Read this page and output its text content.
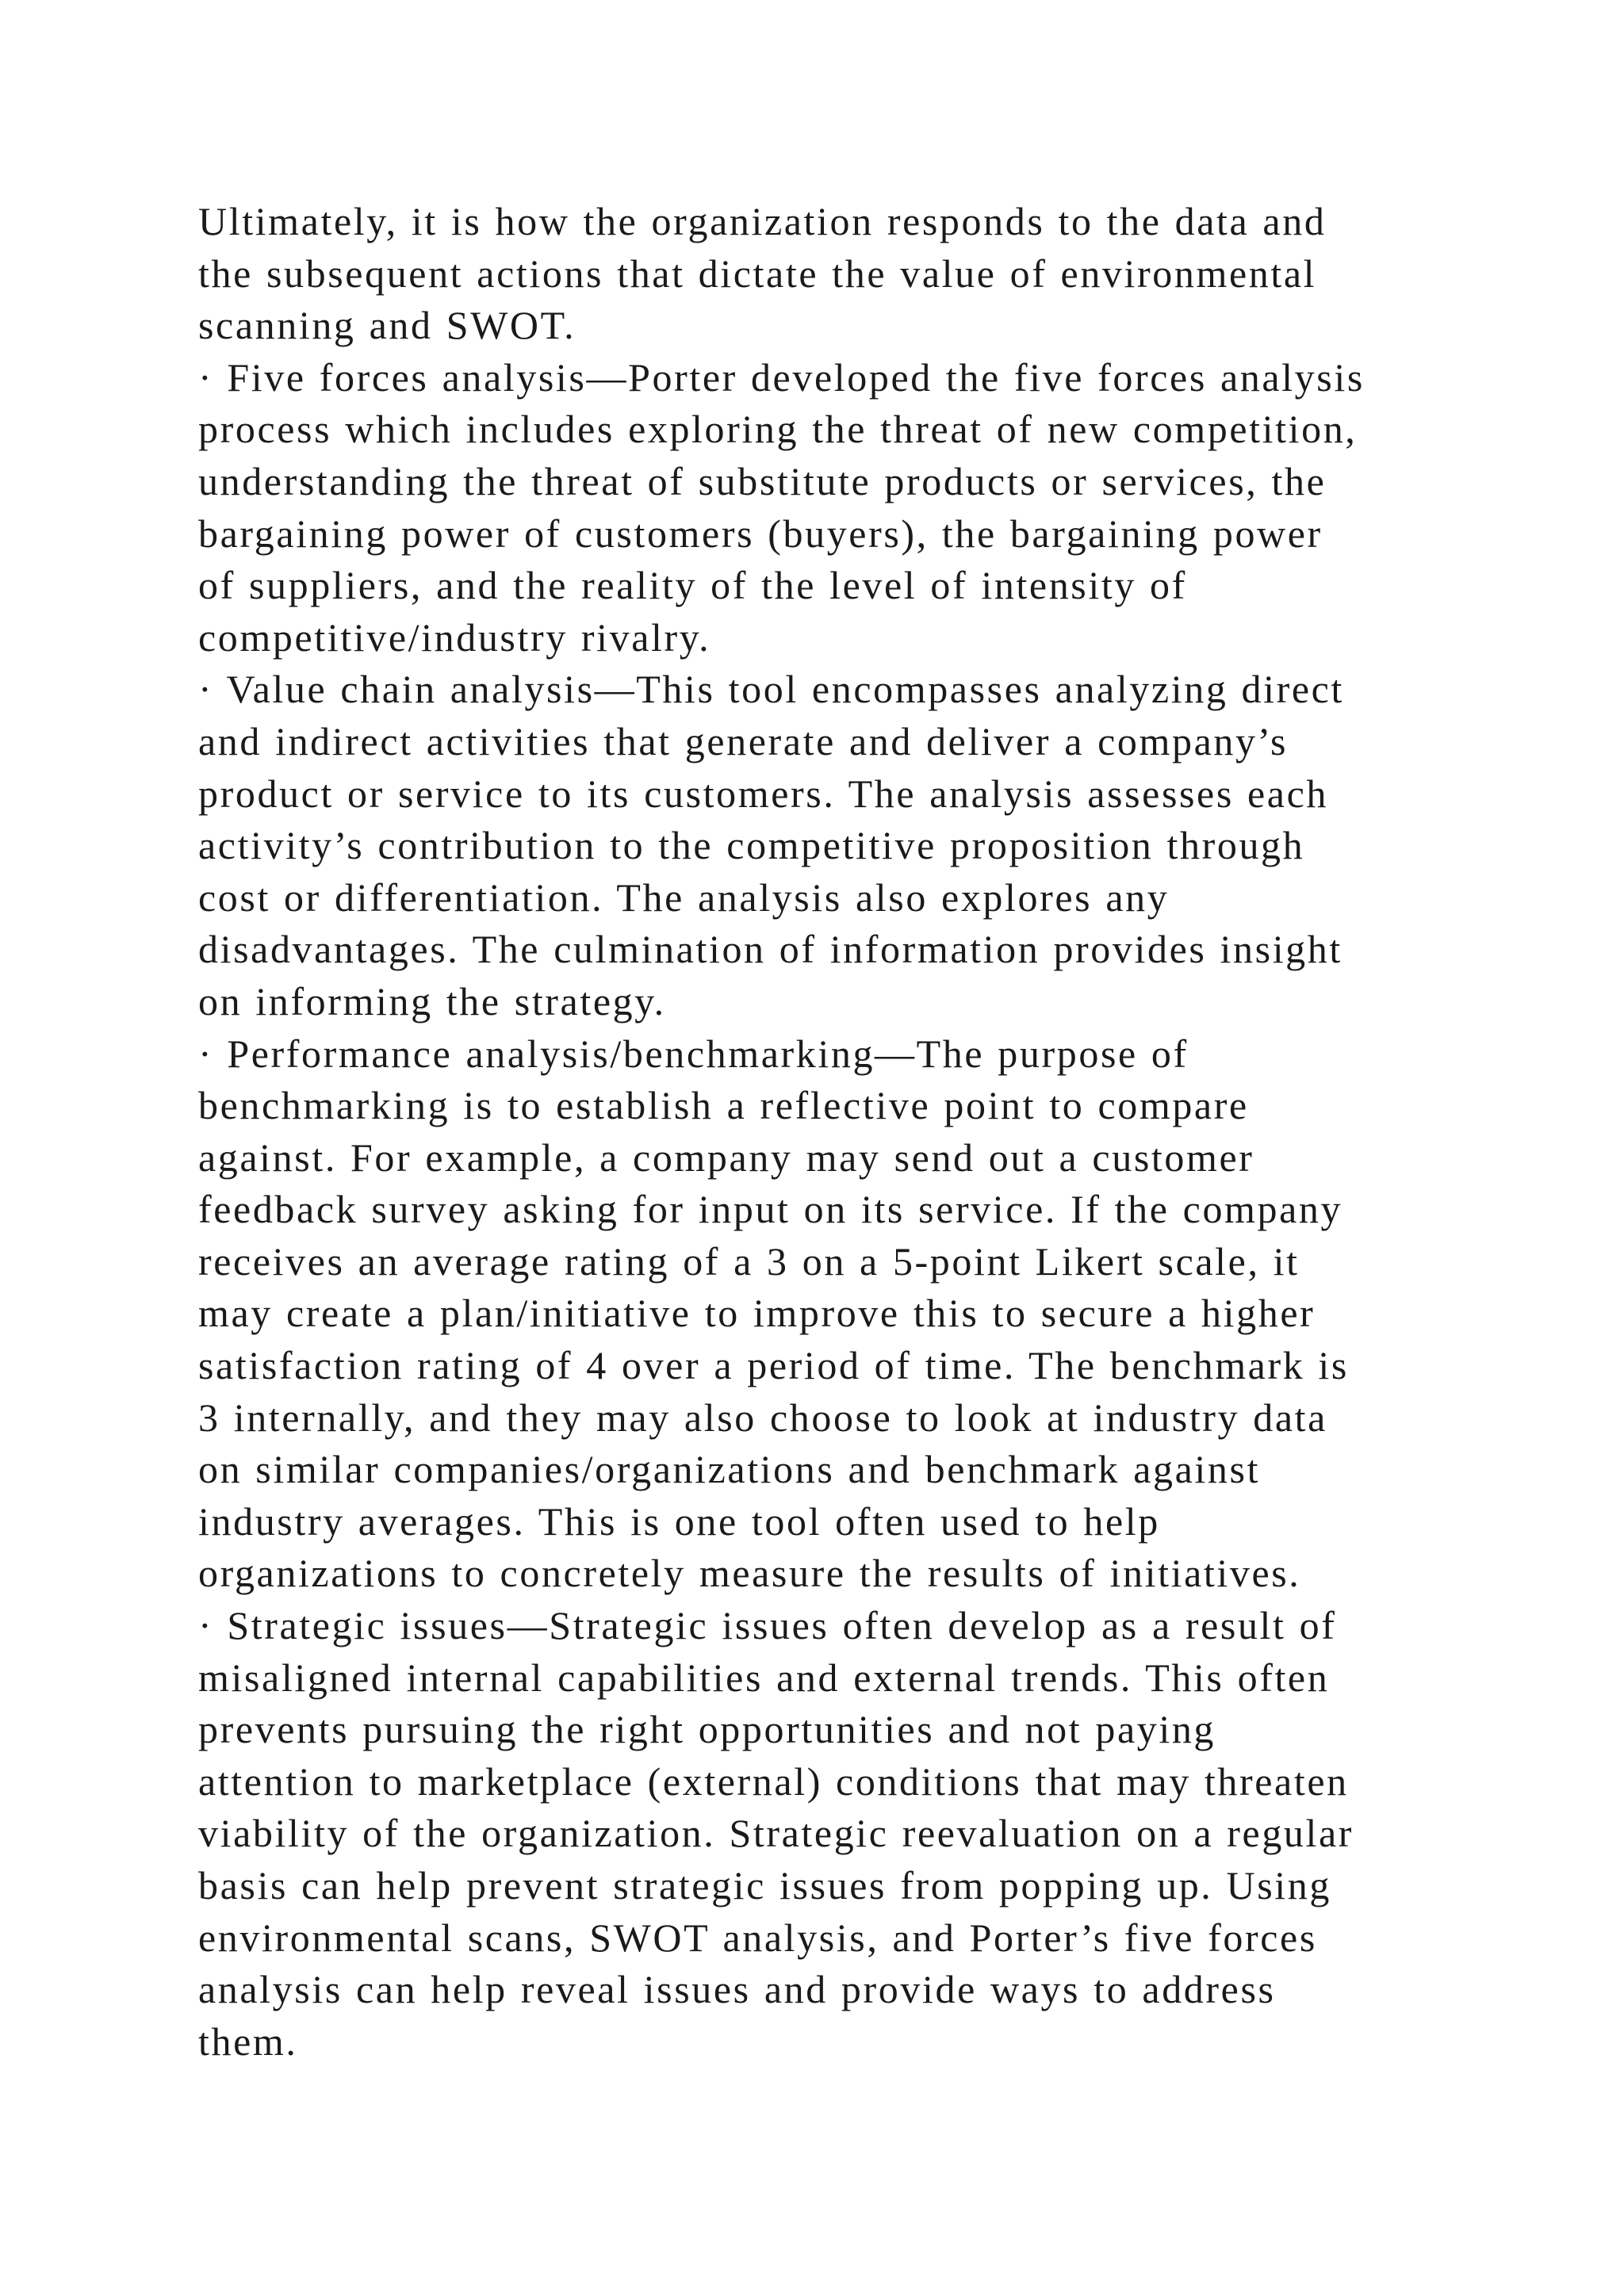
Ultimately, it is how the organization responds to the data and
the subsequent actions that dictate the value of environmental
scanning and SWOT.
· Five forces analysis—Porter developed the five forces analysis
process which includes exploring the threat of new competition,
understanding the threat of substitute products or services, the
bargaining power of customers (buyers), the bargaining power
of suppliers, and the reality of the level of intensity of
competitive/industry rivalry.
· Value chain analysis—This tool encompasses analyzing direct
and indirect activities that generate and deliver a company’s
product or service to its customers. The analysis assesses each
activity’s contribution to the competitive proposition through
cost or differentiation. The analysis also explores any
disadvantages. The culmination of information provides insight
on informing the strategy.
· Performance analysis/benchmarking—The purpose of
benchmarking is to establish a reflective point to compare
against. For example, a company may send out a customer
feedback survey asking for input on its service. If the company
receives an average rating of a 3 on a 5-point Likert scale, it
may create a plan/initiative to improve this to secure a higher
satisfaction rating of 4 over a period of time. The benchmark is
3 internally, and they may also choose to look at industry data
on similar companies/organizations and benchmark against
industry averages. This is one tool often used to help
organizations to concretely measure the results of initiatives.
· Strategic issues—Strategic issues often develop as a result of
misaligned internal capabilities and external trends. This often
prevents pursuing the right opportunities and not paying
attention to marketplace (external) conditions that may threaten
viability of the organization. Strategic reevaluation on a regular
basis can help prevent strategic issues from popping up. Using
environmental scans, SWOT analysis, and Porter’s five forces
analysis can help reveal issues and provide ways to address
them.
